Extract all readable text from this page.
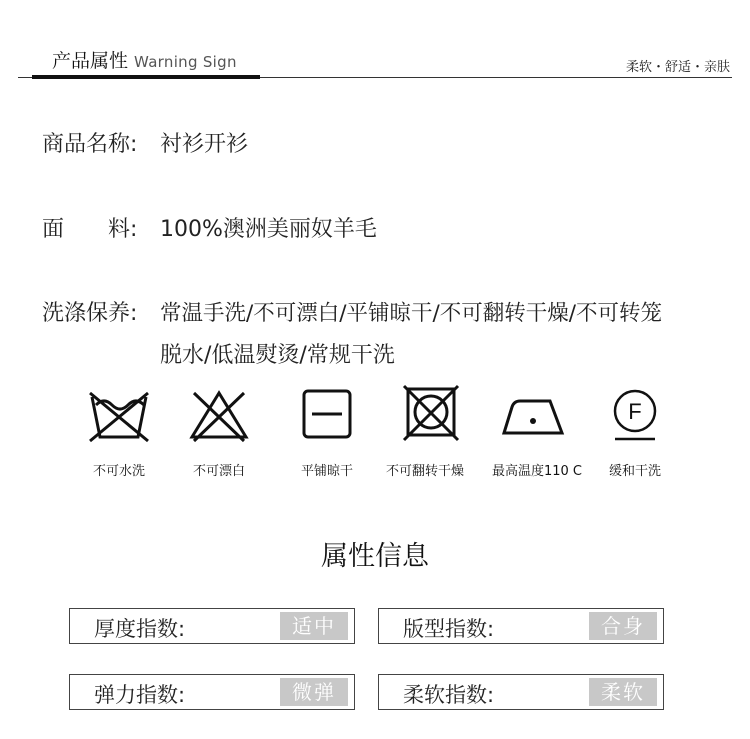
产品属性 Warning Sign	柔软・舒适・亲肤
商品名称: 衬衫开衫
面　　料: 100%澳洲美丽奴羊毛
洗涤保养: 常温手洗/不可漂白/平铺晾干/不可翻转干燥/不可转笼
脱水/低温熨烫/常规干洗
F
不可水洗	不可漂白	平铺晾干	不可翻转干燥	最高温度110 C	缓和干洗
属性信息
厚度指数:	适中	版型指数:	合身
弹力指数:	微弹	柔软指数:	柔软
